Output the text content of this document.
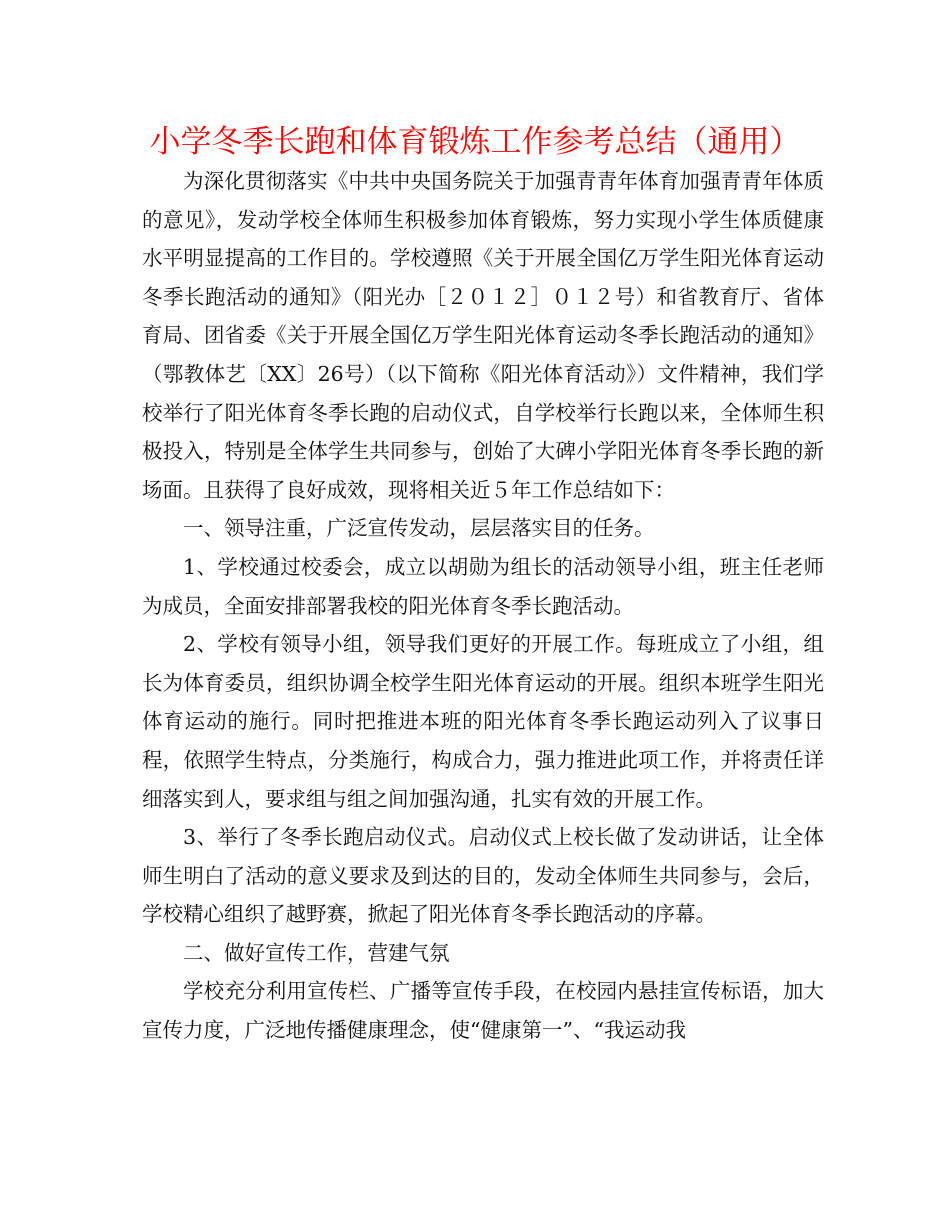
小学冬季长跑和体育锻炼工作参考总结（通用）

为深化贯彻落实《中共中央国务院关于加强青青年体育加强青青年体质的意见》，发动学校全体师生积极参加体育锻炼，努力实现小学生体质健康水平明显提高的工作目的。学校遵照《关于开展全国亿万学生阳光体育运动冬季长跑活动的通知》（阳光办［２０１２］０１２号）和省教育厅、省体育局、团省委《关于开展全国亿万学生阳光体育运动冬季长跑活动的通知》（鄂教体艺〔XX〕26号）（以下简称《阳光体育活动》）文件精神，我们学校举行了阳光体育冬季长跑的启动仪式，自学校举行长跑以来，全体师生积极投入，特别是全体学生共同参与，创始了大碑小学阳光体育冬季长跑的新场面。且获得了良好成效，现将相关近５年工作总结如下：

一、领导注重，广泛宣传发动，层层落实目的任务。

1、学校通过校委会，成立以胡勋为组长的活动领导小组，班主任老师为成员，全面安排部署我校的阳光体育冬季长跑活动。

2、学校有领导小组，领导我们更好的开展工作。每班成立了小组，组长为体育委员，组织协调全校学生阳光体育运动的开展。组织本班学生阳光体育运动的施行。同时把推进本班的阳光体育冬季长跑运动列入了议事日程，依照学生特点，分类施行，构成合力，强力推进此项工作，并将责任详细落实到人，要求组与组之间加强沟通，扎实有效的开展工作。

3、举行了冬季长跑启动仪式。启动仪式上校长做了发动讲话，让全体师生明白了活动的意义要求及到达的目的，发动全体师生共同参与，会后，学校精心组织了越野赛，掀起了阳光体育冬季长跑活动的序幕。

二、做好宣传工作，营建气氛

学校充分利用宣传栏、广播等宣传手段，在校园内悬挂宣传标语，加大宣传力度，广泛地传播健康理念，使“健康第一”、“我运动我
